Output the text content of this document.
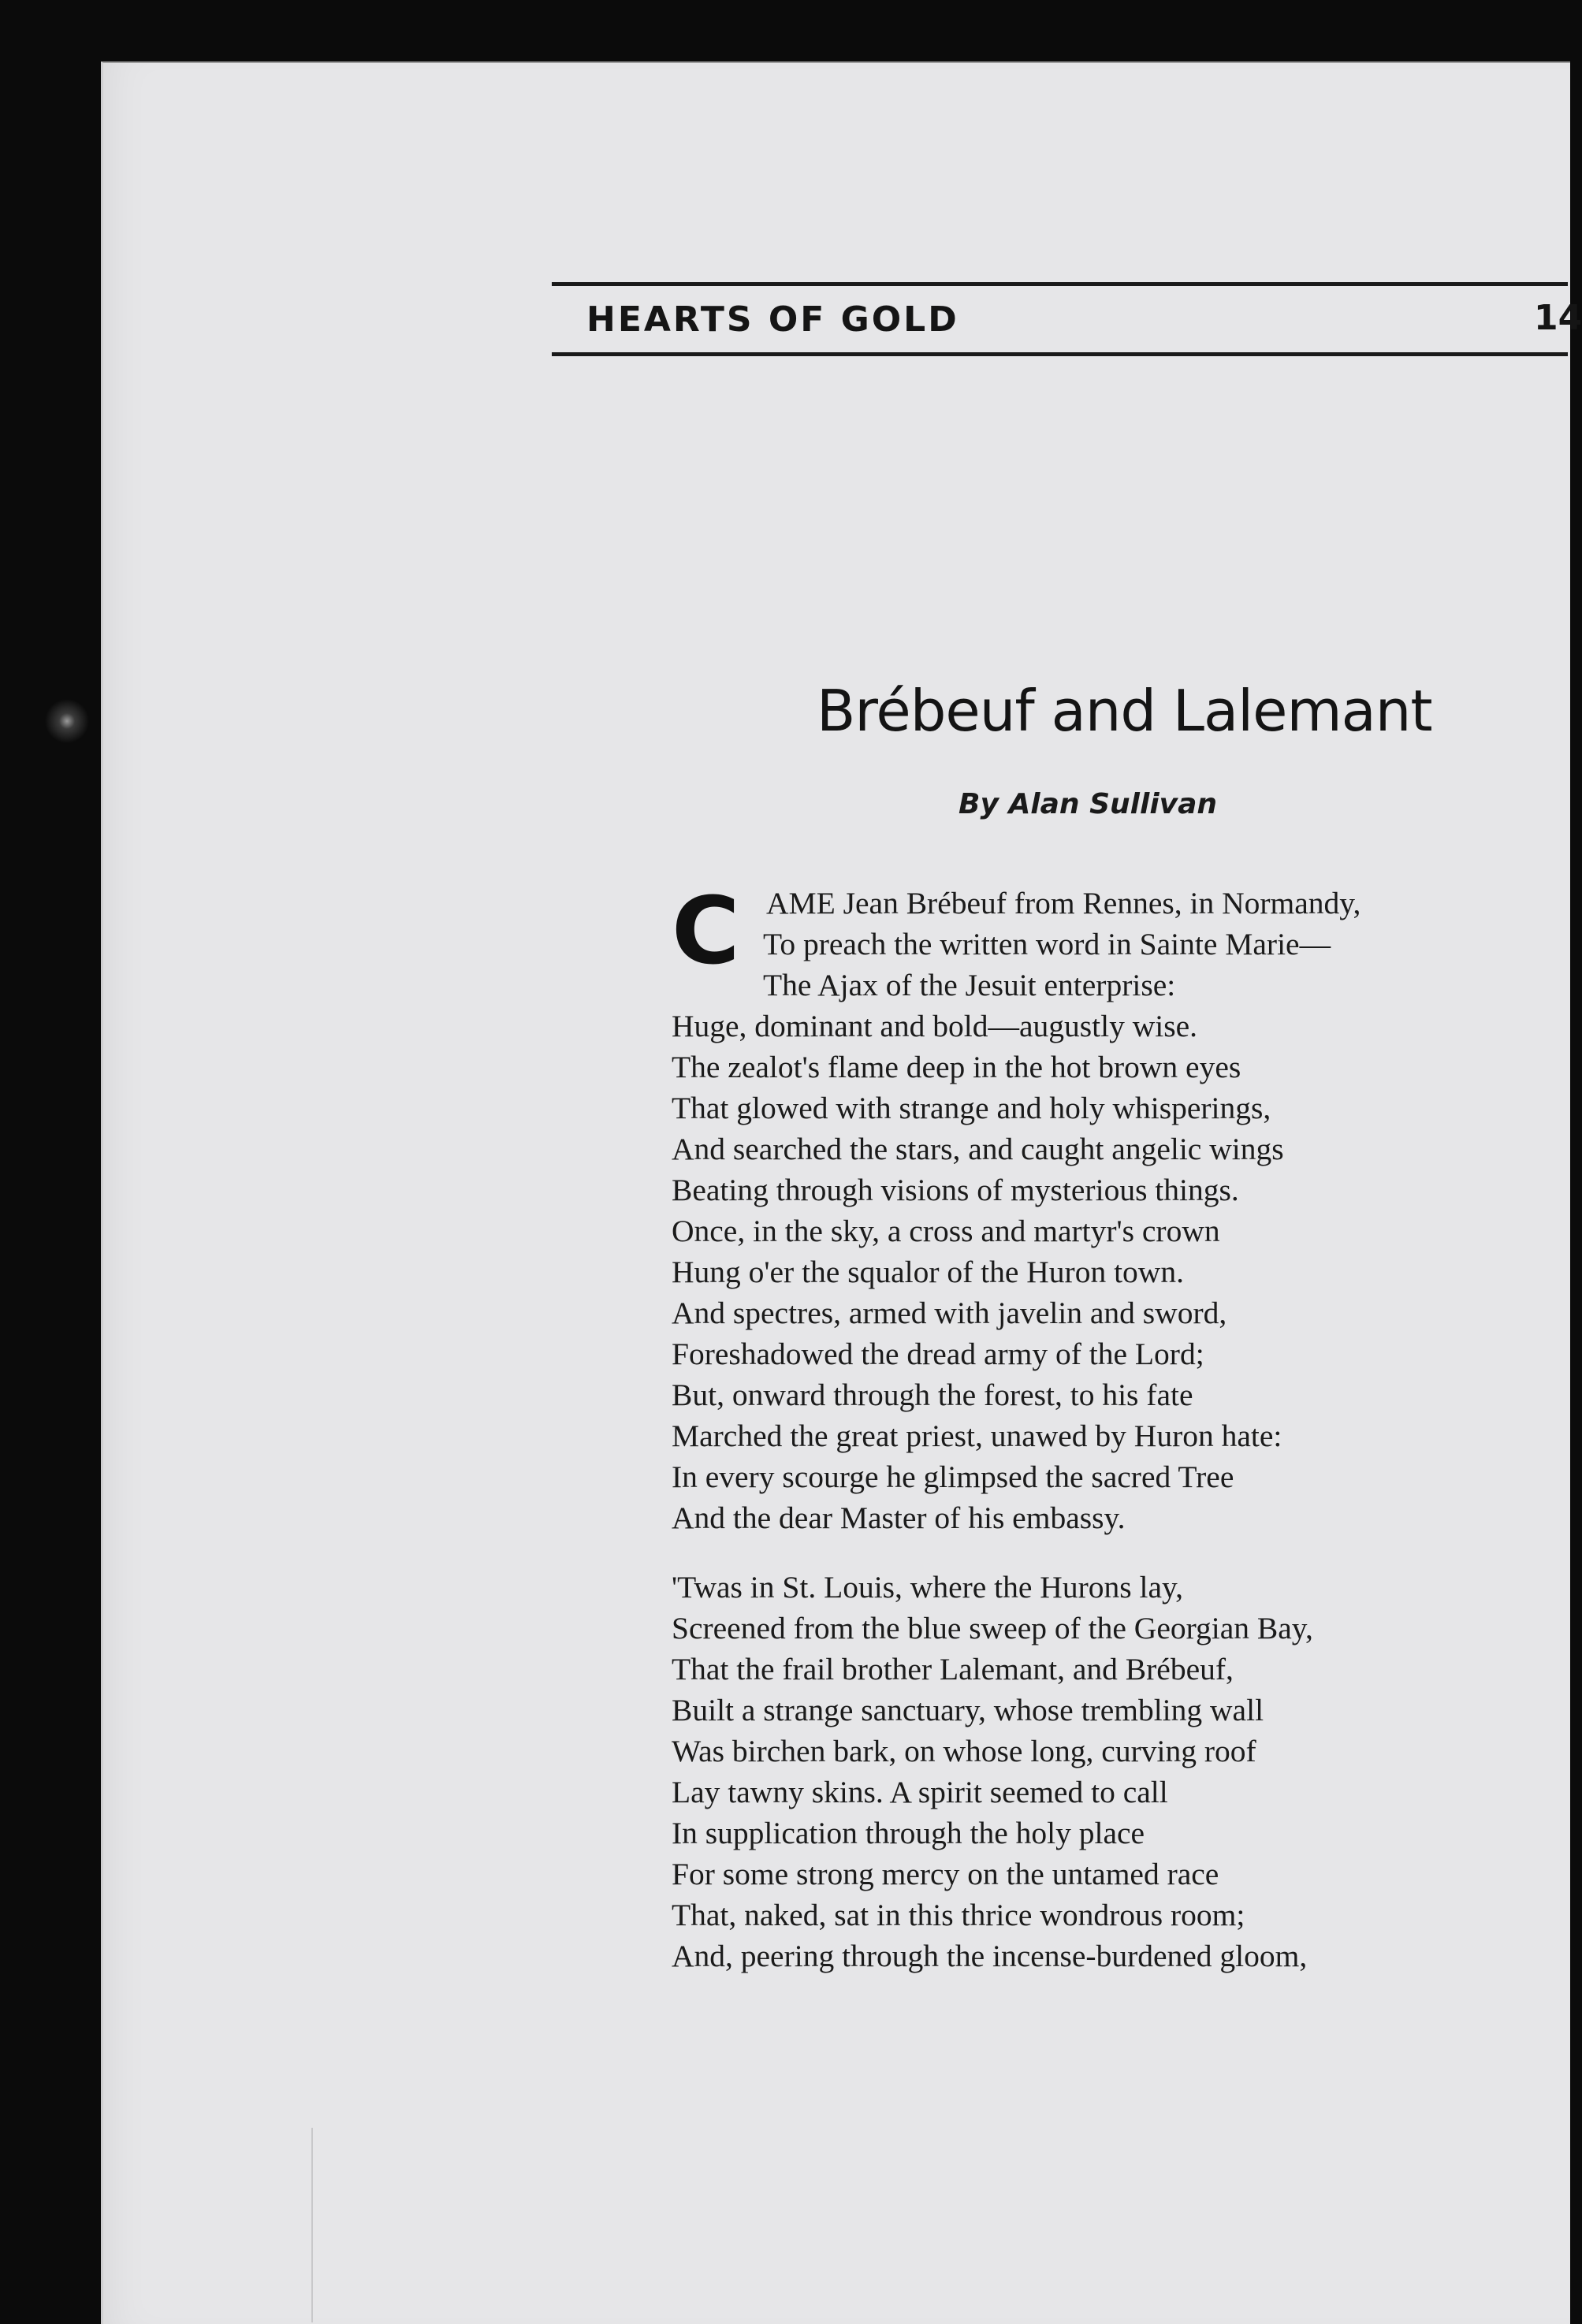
HEARTS OF GOLD	14
Brébeuf and Lalemant
By Alan Sullivan
C AME Jean Brébeuf from Rennes, in Normandy,
To preach the written word in Sainte Marie—
The Ajax of the Jesuit enterprise:
Huge, dominant and bold—augustly wise.
The zealot's flame deep in the hot brown eyes
That glowed with strange and holy whisperings,
And searched the stars, and caught angelic wings
Beating through visions of mysterious things.
Once, in the sky, a cross and martyr's crown
Hung o'er the squalor of the Huron town.
And spectres, armed with javelin and sword,
Foreshadowed the dread army of the Lord;
But, onward through the forest, to his fate
Marched the great priest, unawed by Huron hate:
In every scourge he glimpsed the sacred Tree
And the dear Master of his embassy.
'Twas in St. Louis, where the Hurons lay,
Screened from the blue sweep of the Georgian Bay,
That the frail brother Lalemant, and Brébeuf,
Built a strange sanctuary, whose trembling wall
Was birchen bark, on whose long, curving roof
Lay tawny skins. A spirit seemed to call
In supplication through the holy place
For some strong mercy on the untamed race
That, naked, sat in this thrice wondrous room;
And, peering through the incense-burdened gloom,
